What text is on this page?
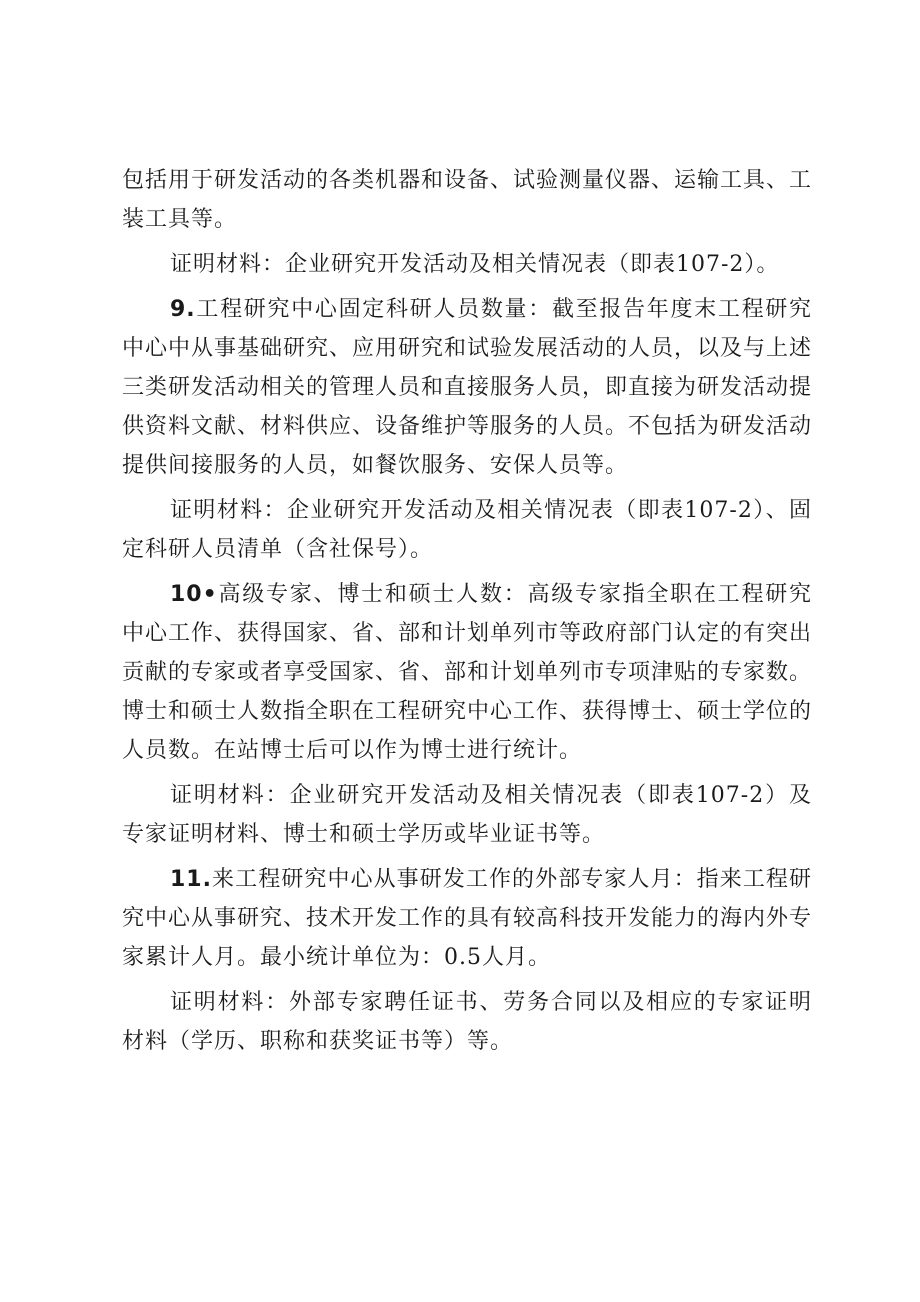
包括用于研发活动的各类机器和设备、试验测量仪器、运输工具、工装工具等。

证明材料：企业研究开发活动及相关情况表（即表107-2）。

9.工程研究中心固定科研人员数量：截至报告年度末工程研究中心中从事基础研究、应用研究和试验发展活动的人员，以及与上述三类研发活动相关的管理人员和直接服务人员，即直接为研发活动提供资料文献、材料供应、设备维护等服务的人员。不包括为研发活动提供间接服务的人员，如餐饮服务、安保人员等。

证明材料：企业研究开发活动及相关情况表（即表107-2）、固定科研人员清单（含社保号）。

10•高级专家、博士和硕士人数：高级专家指全职在工程研究中心工作、获得国家、省、部和计划单列市等政府部门认定的有突出贡献的专家或者享受国家、省、部和计划单列市专项津贴的专家数。博士和硕士人数指全职在工程研究中心工作、获得博士、硕士学位的人员数。在站博士后可以作为博士进行统计。

证明材料：企业研究开发活动及相关情况表（即表107-2）及专家证明材料、博士和硕士学历或毕业证书等。

11.来工程研究中心从事研发工作的外部专家人月：指来工程研究中心从事研究、技术开发工作的具有较高科技开发能力的海内外专家累计人月。最小统计单位为：0.5人月。

证明材料：外部专家聘任证书、劳务合同以及相应的专家证明材料（学历、职称和获奖证书等）等。
